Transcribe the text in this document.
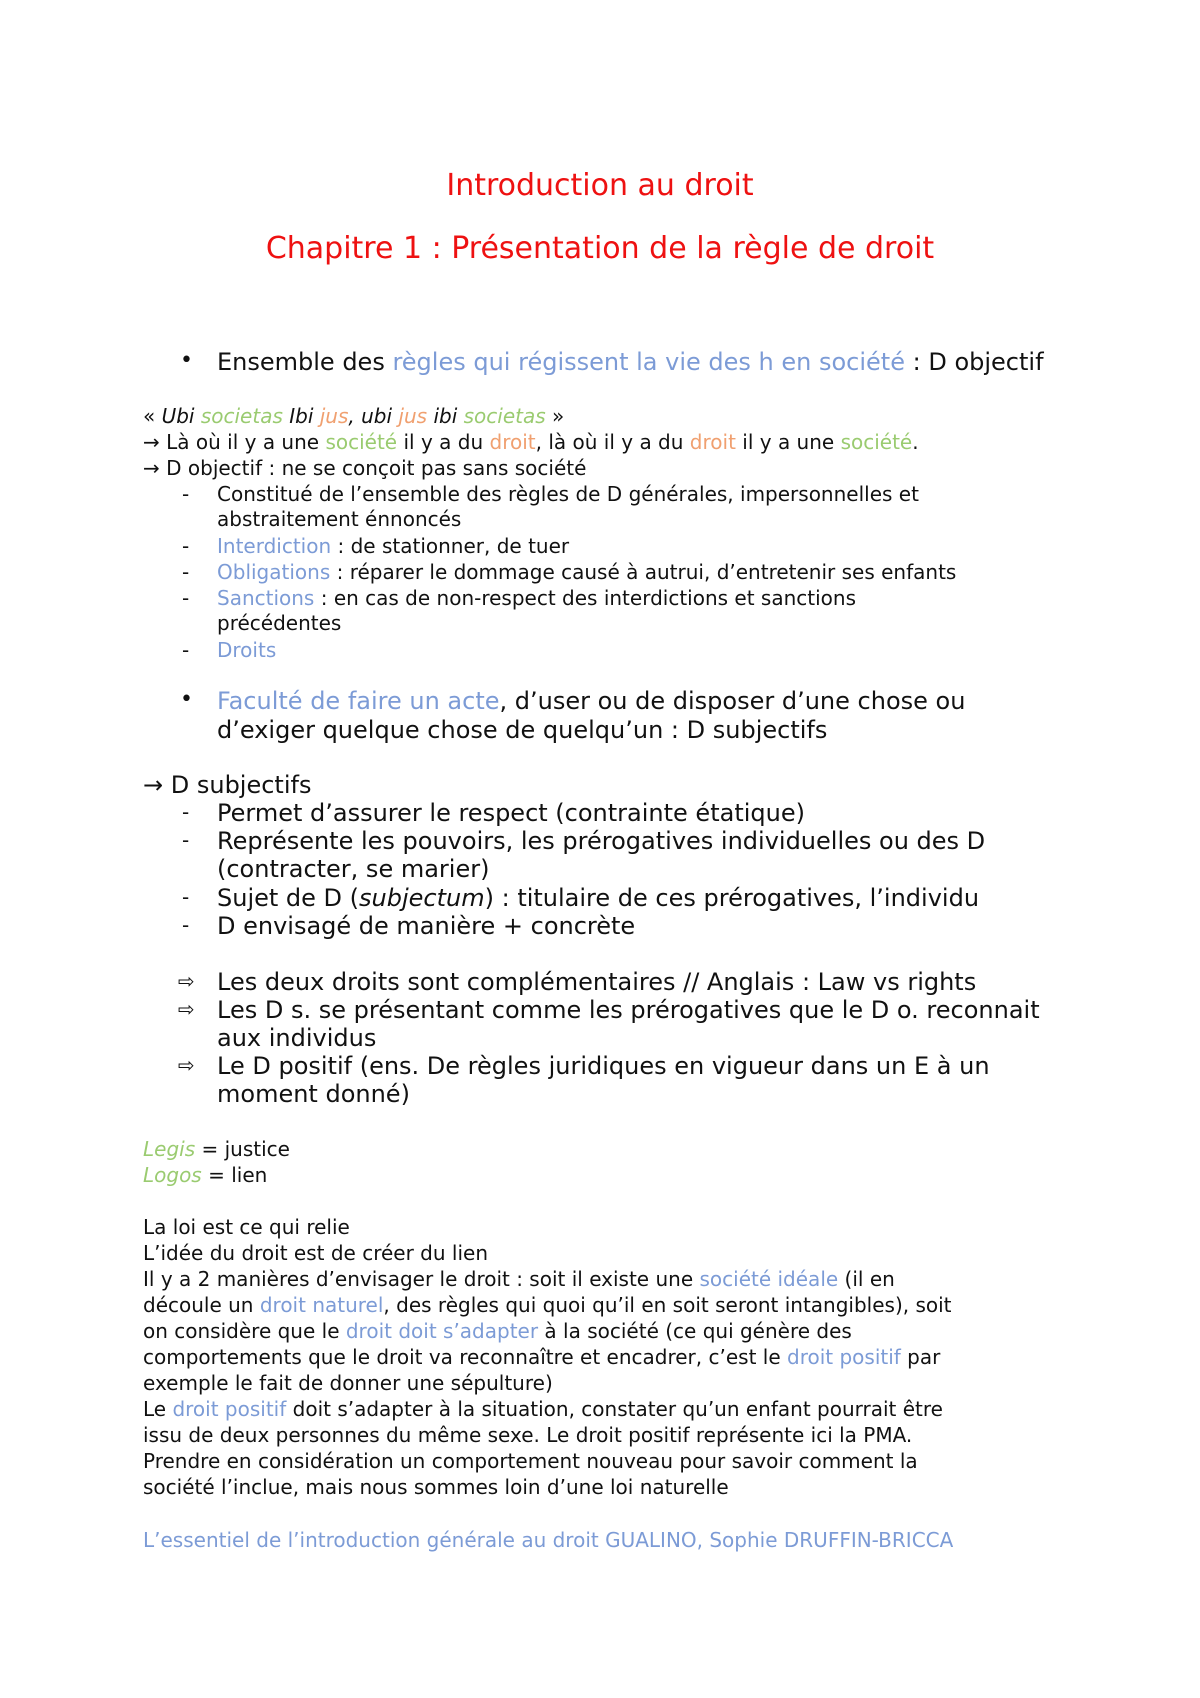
Introduction au droit
Chapitre 1 : Présentation de la règle de droit
• Ensemble des règles qui régissent la vie des h en société : D objectif
« Ubi societas Ibi jus, ubi jus ibi societas »
→ Là où il y a une société il y a du droit, là où il y a du droit il y a une société.
→ D objectif : ne se conçoit pas sans société
- Constitué de l’ensemble des règles de D générales, impersonnelles et
abstraitement énnoncés
- Interdiction : de stationner, de tuer
- Obligations : réparer le dommage causé à autrui, d’entretenir ses enfants
- Sanctions : en cas de non-respect des interdictions et sanctions
précédentes
- Droits
• Faculté de faire un acte, d’user ou de disposer d’une chose ou
d’exiger quelque chose de quelqu’un : D subjectifs
→ D subjectifs
- Permet d’assurer le respect (contrainte étatique)
- Représente les pouvoirs, les prérogatives individuelles ou des D
(contracter, se marier)
- Sujet de D (subjectum) : titulaire de ces prérogatives, l’individu
- D envisagé de manière + concrète
⇨ Les deux droits sont complémentaires // Anglais : Law vs rights
⇨ Les D s. se présentant comme les prérogatives que le D o. reconnait
aux individus
⇨ Le D positif (ens. De règles juridiques en vigueur dans un E à un
moment donné)
Legis = justice
Logos = lien
La loi est ce qui relie
L’idée du droit est de créer du lien
Il y a 2 manières d’envisager le droit : soit il existe une société idéale (il en
découle un droit naturel, des règles qui quoi qu’il en soit seront intangibles), soit
on considère que le droit doit s’adapter à la société (ce qui génère des
comportements que le droit va reconnaître et encadrer, c’est le droit positif par
exemple le fait de donner une sépulture)
Le droit positif doit s’adapter à la situation, constater qu’un enfant pourrait être
issu de deux personnes du même sexe. Le droit positif représente ici la PMA.
Prendre en considération un comportement nouveau pour savoir comment la
société l’inclue, mais nous sommes loin d’une loi naturelle
L’essentiel de l’introduction générale au droit GUALINO, Sophie DRUFFIN-BRICCA
